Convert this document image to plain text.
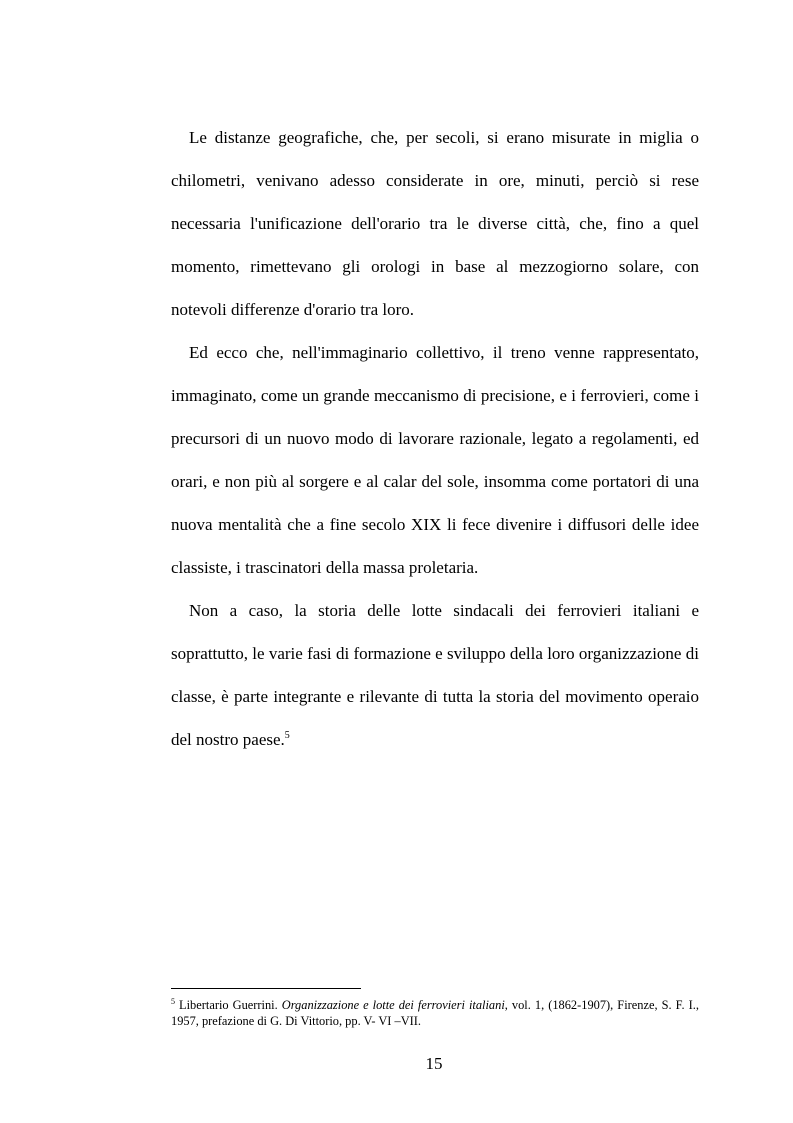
Le distanze geografiche, che, per secoli, si erano misurate in miglia o chilometri, venivano adesso considerate in ore, minuti, perciò si rese necessaria l'unificazione dell'orario tra le diverse città, che, fino a quel momento, rimettevano gli orologi in base al mezzogiorno solare, con notevoli differenze d'orario tra loro.

Ed ecco che, nell'immaginario collettivo, il treno venne rappresentato, immaginato, come un grande meccanismo di precisione, e i ferrovieri, come i precursori di un nuovo modo di lavorare razionale, legato a regolamenti, ed orari, e non più al sorgere e al calar del sole, insomma come portatori di una nuova mentalità che a fine secolo XIX li fece divenire i diffusori delle idee classiste, i trascinatori della massa proletaria.

Non a caso, la storia delle lotte sindacali dei ferrovieri italiani e soprattutto, le varie fasi di formazione e sviluppo della loro organizzazione di classe, è parte integrante e rilevante di tutta la storia del movimento operaio del nostro paese.$^5$

$^5$ Libertario Guerrini. Organizzazione e lotte dei ferrovieri italiani, vol. 1, (1862-1907), Firenze, S. F. I., 1957, prefazione di G. Di Vittorio, pp. V- VI –VII.
15
